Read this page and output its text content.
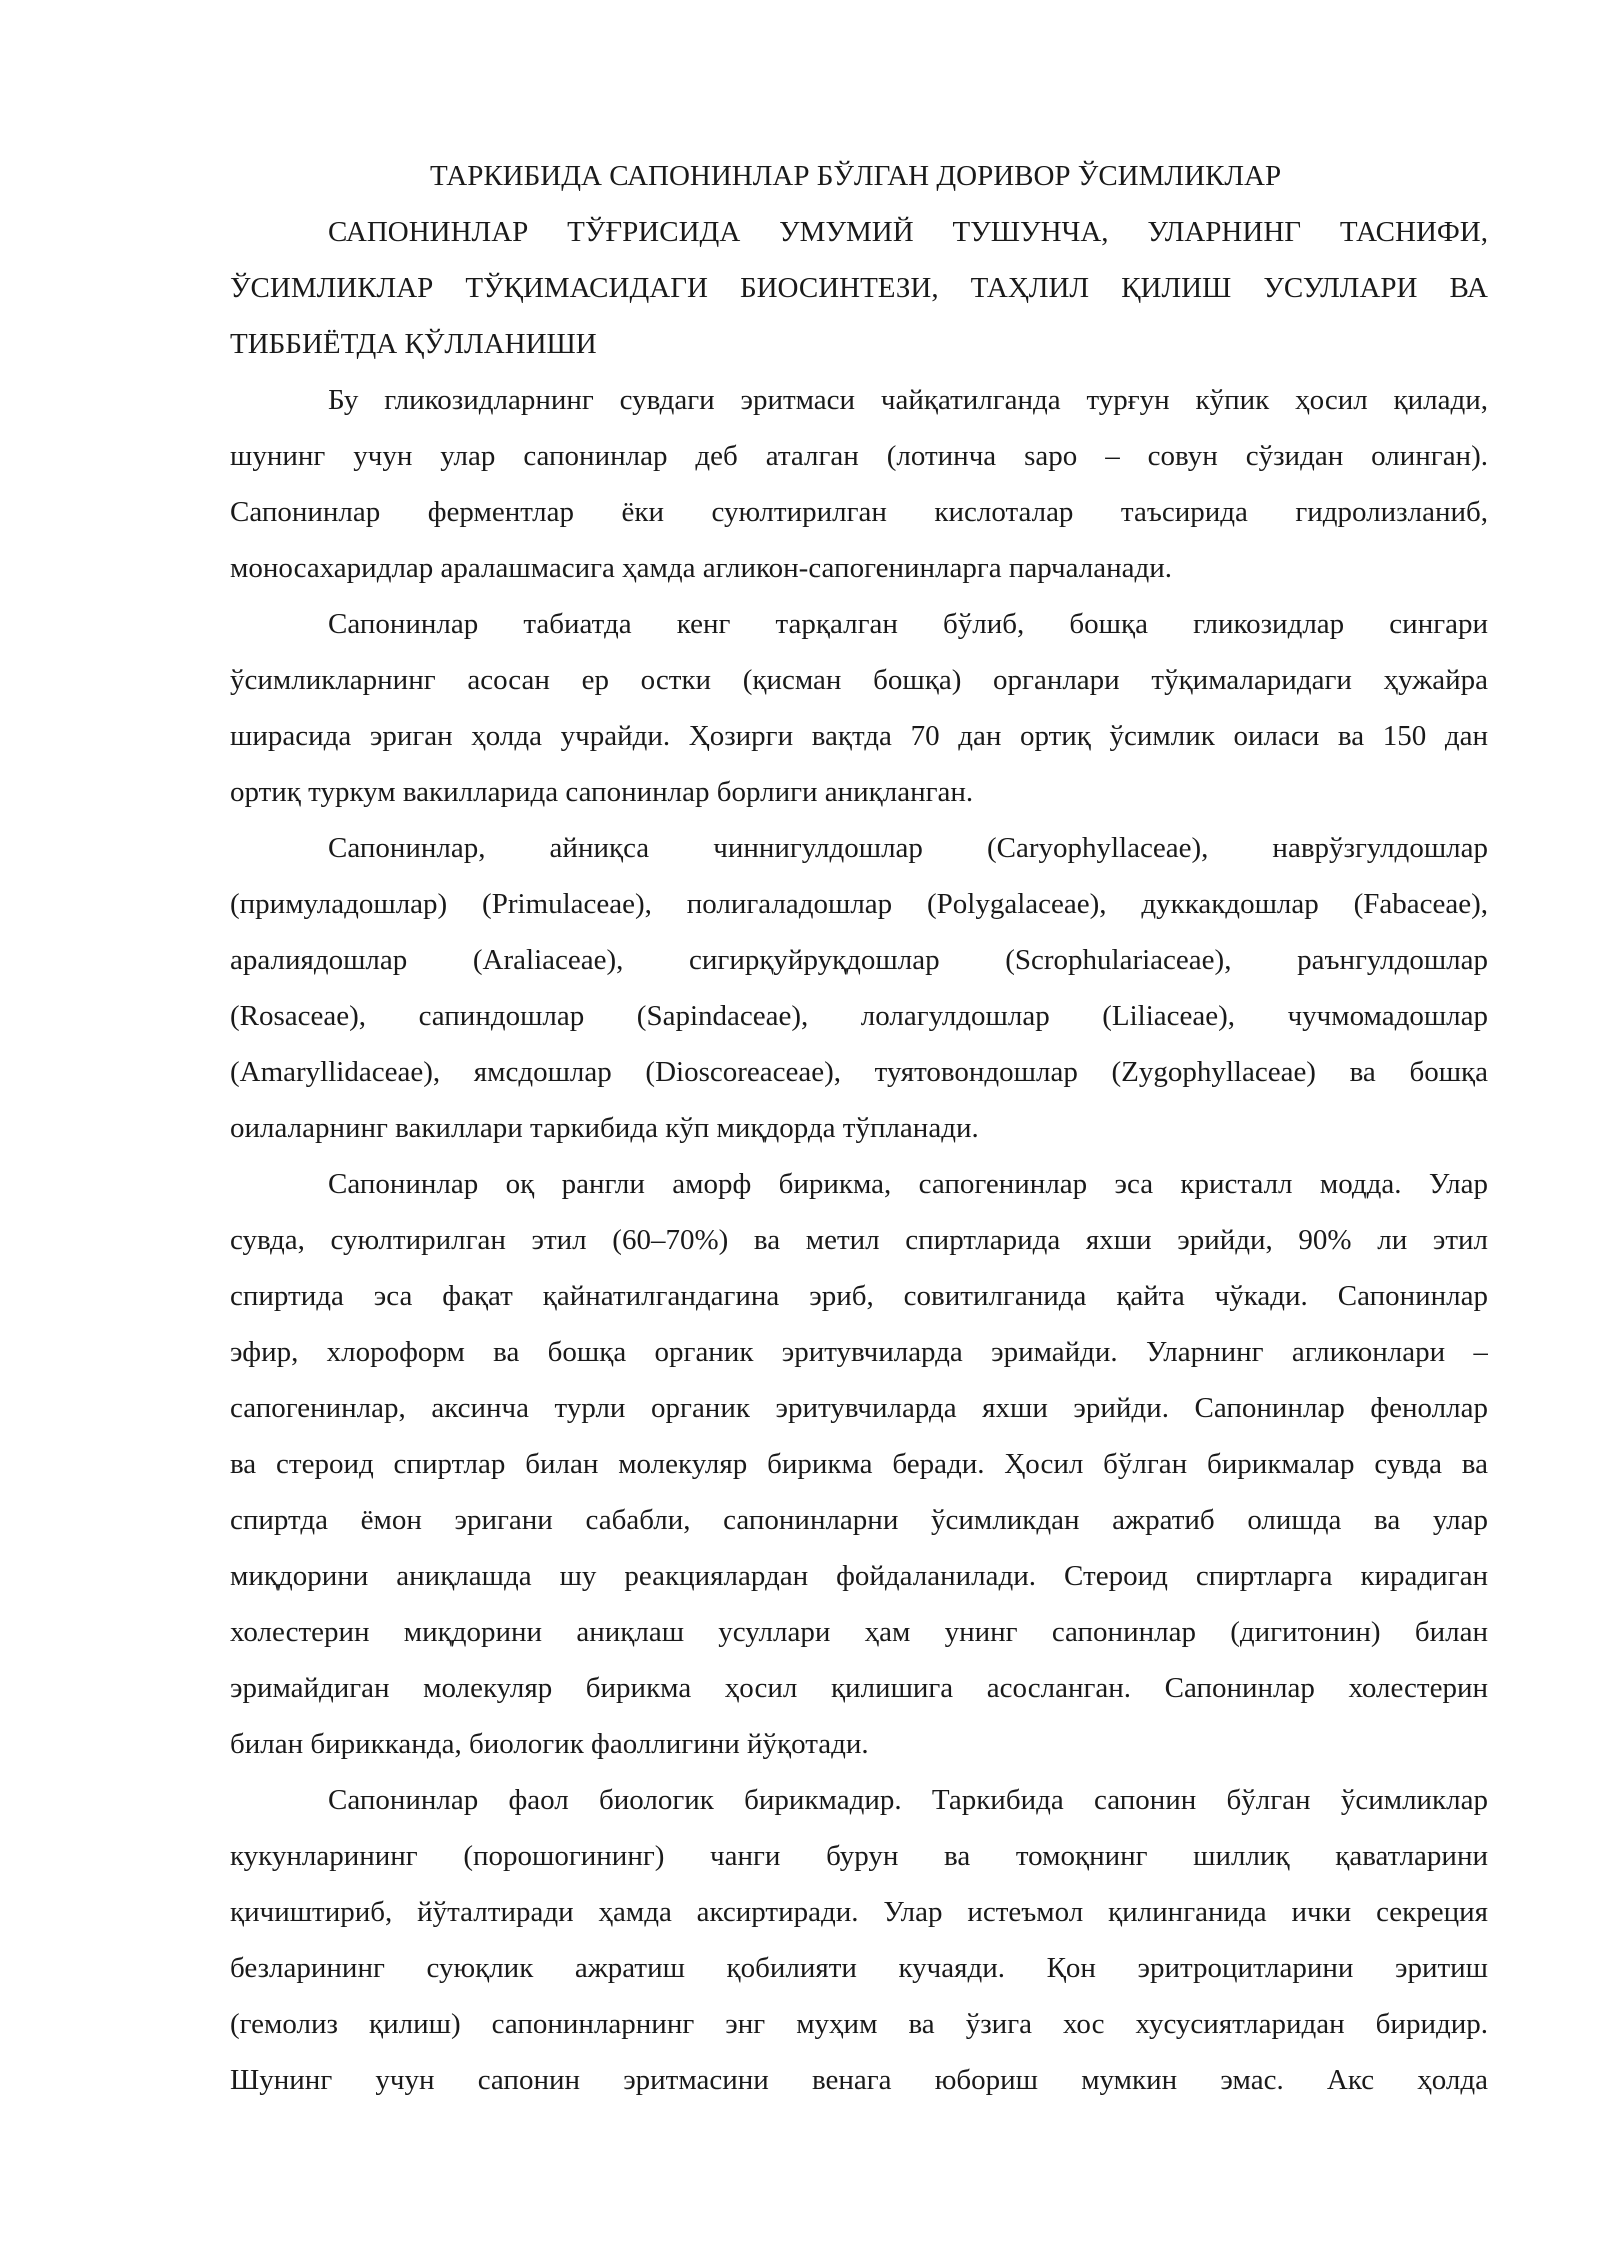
ТАРКИБИДА САПОНИНЛАР БЎЛГАН ДОРИВОР ЎСИМЛИКЛАР
САПОНИНЛАР ТЎҒРИСИДА УМУМИЙ ТУШУНЧА, УЛАРНИНГ ТАСНИФИ,
ЎСИМЛИКЛАР ТЎҚИМАСИДАГИ БИОСИНТЕЗИ, ТАҲЛИЛ ҚИЛИШ УСУЛЛАРИ ВА
ТИББИЁТДА ҚЎЛЛАНИШИ
Бу гликозидларнинг сувдаги эритмаси чайқатилганда турғун кўпик ҳосил қилади,
шунинг учун улар сапонинлар деб аталган (лотинча sapo – совун сўзидан олинган).
Сапонинлар ферментлар ёки суюлтирилган кислоталар таъсирида гидролизланиб,
моносахаридлар аралашмасига ҳамда агликон-сапогенинларга парчаланади.
Сапонинлар табиатда кенг тарқалган бўлиб, бошқа гликозидлар сингари
ўсимликларнинг асосан ер остки (қисман бошқа) органлари тўқималаридаги ҳужайра
ширасида эриган ҳолда учрайди. Ҳозирги вақтда 70 дан ортиқ ўсимлик оиласи ва 150 дан
ортиқ туркум вакилларида сапонинлар борлиги аниқланган.
Сапонинлар, айниқса чиннигулдошлар (Caryophyllaceae), наврўзгулдошлар
(примуладошлар) (Primulaceae), полигаладошлар (Polygalaceae), дуккакдошлар (Fabaceae),
аралиядошлар (Araliaceae), сигирқуйруқдошлар (Scrophulariaceae), раънгулдошлар
(Rosaceae), сапиндошлар (Sapindaceae), лолагулдошлар (Liliaceae), чучмомадошлар
(Amaryllidaceae), ямсдошлар (Dioscoreaceae), туятовондошлар (Zygophyllaceae) ва бошқа
оилаларнинг вакиллари таркибида кўп миқдорда тўпланади.
Сапонинлар оқ рангли аморф бирикма, сапогенинлар эса кристалл модда. Улар
сувда, суюлтирилган этил (60–70%) ва метил спиртларида яхши эрийди, 90% ли этил
спиртида эса фақат қайнатилгандагина эриб, совитилганида қайта чўкади. Сапонинлар
эфир, хлороформ ва бошқа органик эритувчиларда эримайди. Уларнинг агликонлари –
сапогенинлар, аксинча турли органик эритувчиларда яхши эрийди. Сапонинлар феноллар
ва стероид спиртлар билан молекуляр бирикма беради. Ҳосил бўлган бирикмалар сувда ва
спиртда ёмон эригани сабабли, сапонинларни ўсимликдан ажратиб олишда ва улар
миқдорини аниқлашда шу реакциялардан фойдаланилади. Стероид спиртларга кирадиган
холестерин миқдорини аниқлаш усуллари ҳам унинг сапонинлар (дигитонин) билан
эримайдиган молекуляр бирикма ҳосил қилишига асосланган. Сапонинлар холестерин
билан бирикканда, биологик фаоллигини йўқотади.
Сапонинлар фаол биологик бирикмадир. Таркибида сапонин бўлган ўсимликлар
кукунларининг (порошогининг) чанги бурун ва томоқнинг шиллиқ қаватларини
қичиштириб, йўталтиради ҳамда аксиртиради. Улар истеъмол қилинганида ички секреция
безларининг суюқлик ажратиш қобилияти кучаяди. Қон эритроцитларини эритиш
(гемолиз қилиш) сапонинларнинг энг муҳим ва ўзига хос хусусиятларидан биридир.
Шунинг учун сапонин эритмасини венага юбориш мумкин эмас. Акс ҳолда
